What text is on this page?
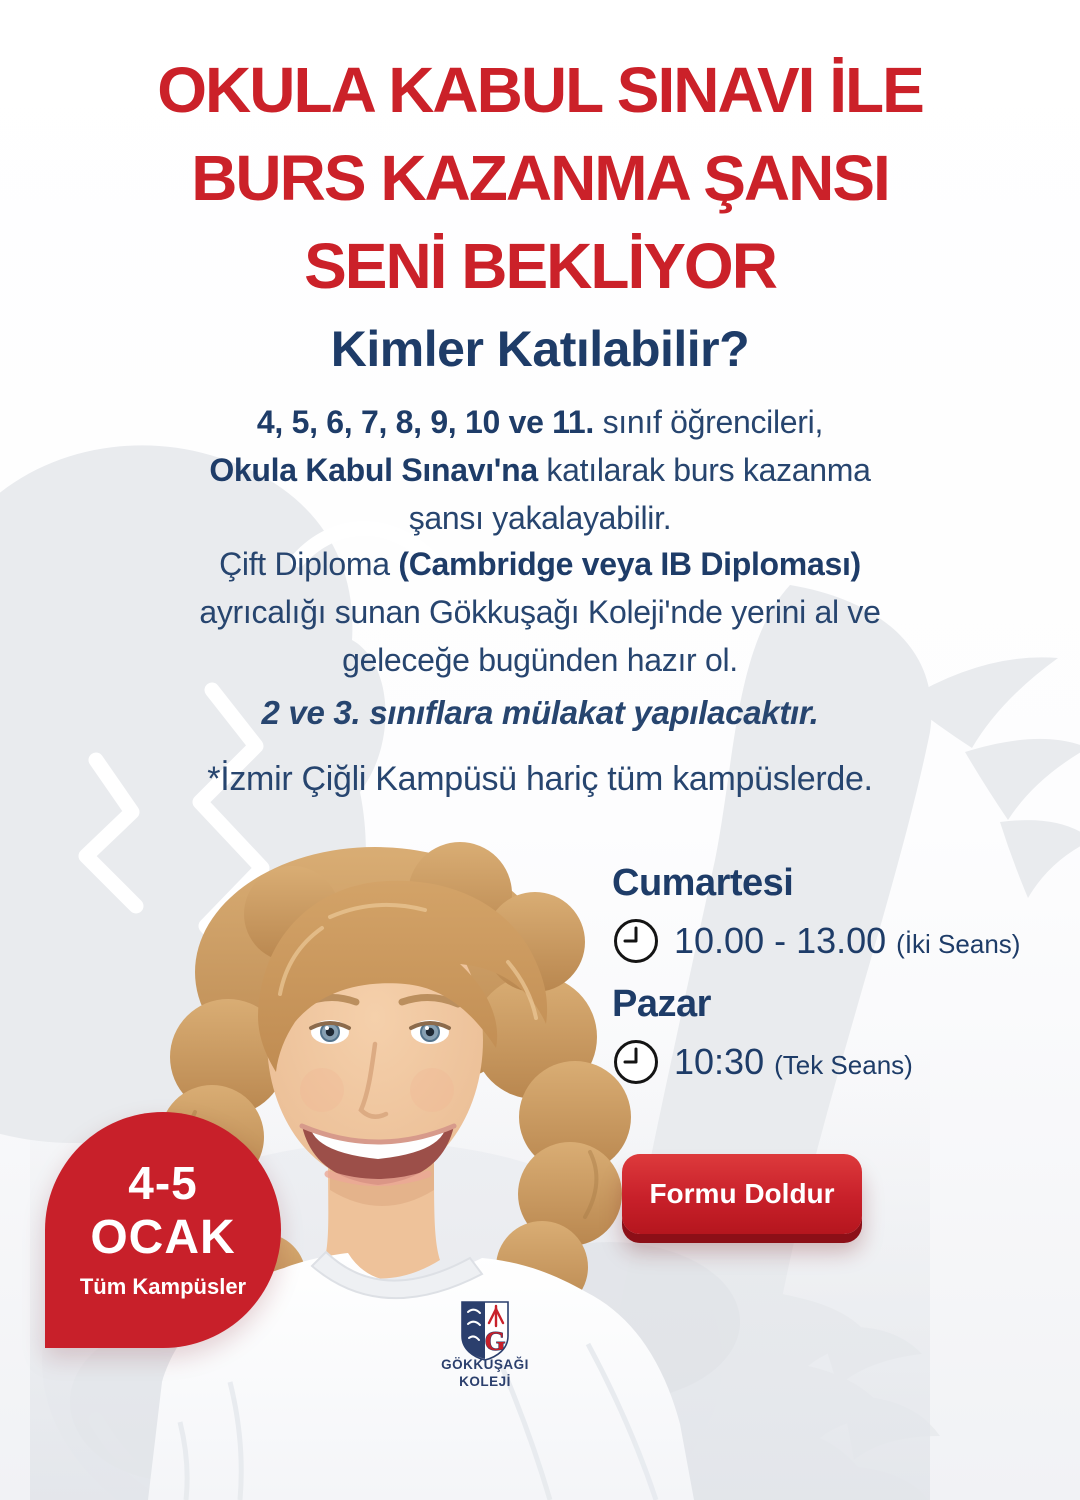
G
GÖKKUŞAĞI
KOLEJİ
OKULA KABUL SINAVI İLE
BURS KAZANMA ŞANSI
SENİ BEKLİYOR
Kimler Katılabilir?
4, 5, 6, 7, 8, 9, 10 ve 11. sınıf öğrencileri,
Okula Kabul Sınavı'na katılarak burs kazanma
şansı yakalayabilir.
Çift Diploma (Cambridge veya IB Diploması)
ayrıcalığı sunan Gökkuşağı Koleji'nde yerini al ve
geleceğe bugünden hazır ol.
2 ve 3. sınıflara mülakat yapılacaktır.
*İzmir Çiğli Kampüsü hariç tüm kampüslerde.
Cumartesi
10.00 - 13.00 (İki Seans)
Pazar
10:30 (Tek Seans)
4-5
OCAK
Tüm Kampüsler
Formu Doldur
